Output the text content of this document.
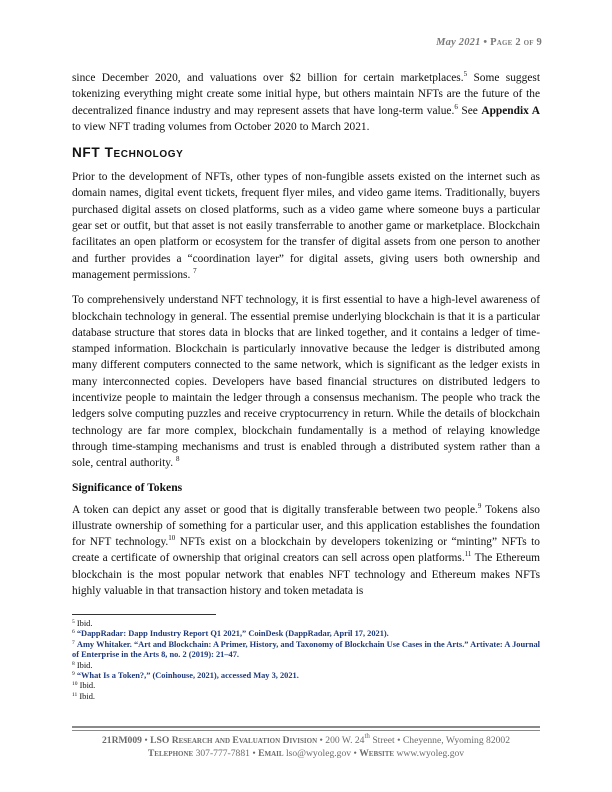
May 2021 • Page 2 of 9

since December 2020, and valuations over $2 billion for certain marketplaces.$^5$ Some suggest tokenizing everything might create some initial hype, but others maintain NFTs are the future of the decentralized finance industry and may represent assets that have long-term value.$^6$ See Appendix A to view NFT trading volumes from October 2020 to March 2021.

NFT Technology

Prior to the development of NFTs, other types of non-fungible assets existed on the internet such as domain names, digital event tickets, frequent flyer miles, and video game items. Traditionally, buyers purchased digital assets on closed platforms, such as a video game where someone buys a particular gear set or outfit, but that asset is not easily transferrable to another game or marketplace. Blockchain facilitates an open platform or ecosystem for the transfer of digital assets from one person to another and further provides a “coordination layer” for digital assets, giving users both ownership and management permissions. $^7$

To comprehensively understand NFT technology, it is first essential to have a high-level awareness of blockchain technology in general. The essential premise underlying blockchain is that it is a particular database structure that stores data in blocks that are linked together, and it contains a ledger of time-stamped information. Blockchain is particularly innovative because the ledger is distributed among many different computers connected to the same network, which is significant as the ledger exists in many interconnected copies. Developers have based financial structures on distributed ledgers to incentivize people to maintain the ledger through a consensus mechanism. The people who track the ledgers solve computing puzzles and receive cryptocurrency in return. While the details of blockchain technology are far more complex, blockchain fundamentally is a method of relaying knowledge through time-stamping mechanisms and trust is enabled through a distributed system rather than a sole, central authority. $^8$

Significance of Tokens

A token can depict any asset or good that is digitally transferable between two people.$^9$ Tokens also illustrate ownership of something for a particular user, and this application establishes the foundation for NFT technology.$^{10}$ NFTs exist on a blockchain by developers tokenizing or “minting” NFTs to create a certificate of ownership that original creators can sell across open platforms.$^{11}$ The Ethereum blockchain is the most popular network that enables NFT technology and Ethereum makes NFTs highly valuable in that transaction history and token metadata is

$^5$ Ibid.

$^6$ “DappRadar: Dapp Industry Report Q1 2021,” CoinDesk (DappRadar, April 17, 2021).

$^7$ Amy Whitaker. “Art and Blockchain: A Primer, History, and Taxonomy of Blockchain Use Cases in the Arts.” Artivate: A Journal of Enterprise in the Arts 8, no. 2 (2019): 21–47.

$^8$ Ibid.

$^9$ “What Is a Token?,” (Coinhouse, 2021), accessed May 3, 2021.

$^{10}$ Ibid.

$^{11}$ Ibid.

21RM009 • LSO Research and Evaluation Division • 200 W. 24th Street • Cheyenne, Wyoming 82002
Telephone 307-777-7881 • Email lso@wyoleg.gov • Website www.wyoleg.gov
